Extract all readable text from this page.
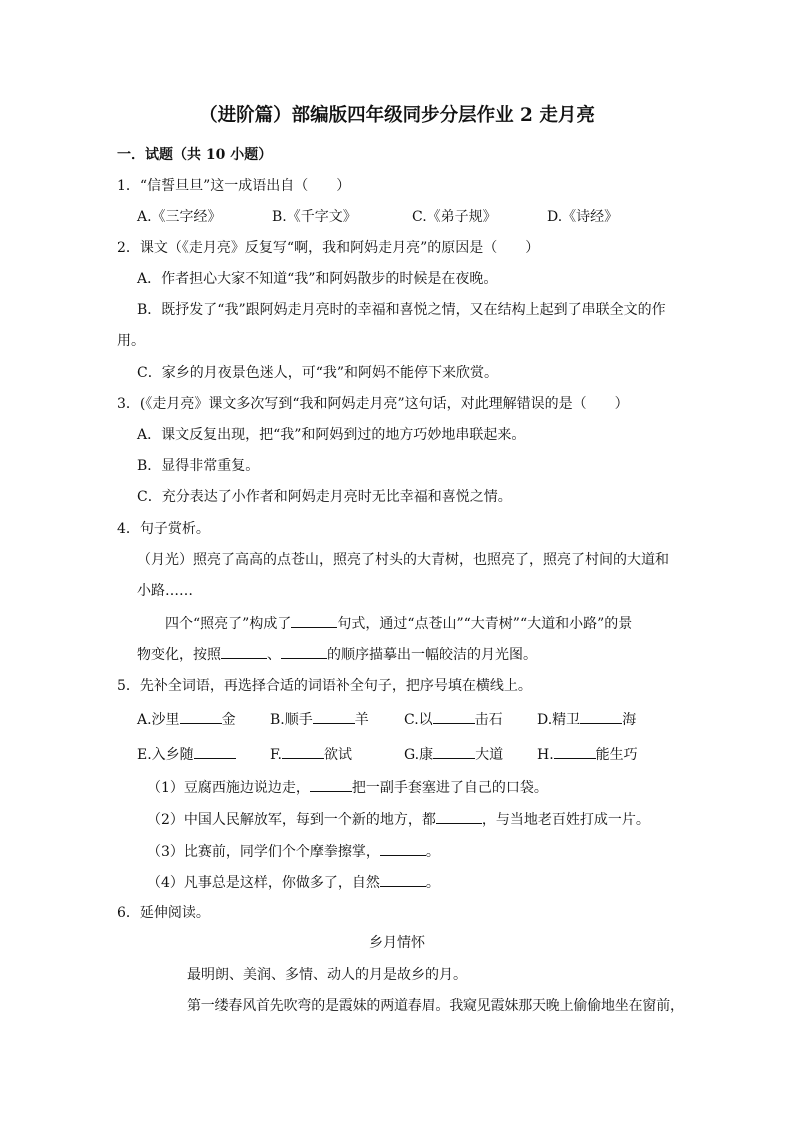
（进阶篇）部编版四年级同步分层作业 2 走月亮
一．试题（共 10 小题）
1．“信誓旦旦”这一成语出自（　　）
A.《三字经》	B.《千字文》	C.《弟子规》	D.《诗经》
2．课文（《走月亮》反复写“啊，我和阿妈走月亮”的原因是（　　）
A．作者担心大家不知道“我”和阿妈散步的时候是在夜晚。
B．既抒发了“我”跟阿妈走月亮时的幸福和喜悦之情，又在结构上起到了串联全文的作
用。
C．家乡的月夜景色迷人，可“我”和阿妈不能停下来欣赏。
3．(《走月亮》课文多次写到“我和阿妈走月亮”这句话，对此理解错误的是（　　）
A．课文反复出现，把“我”和阿妈到过的地方巧妙地串联起来。
B．显得非常重复。
C．充分表达了小作者和阿妈走月亮时无比幸福和喜悦之情。
4．句子赏析。
（月光）照亮了高高的点苍山，照亮了村头的大青树，也照亮了，照亮了村间的大道和
小路……
四个“照亮了”构成了	句式，通过“点苍山”“大青树”“大道和小路”的景
物变化，按照	、	的顺序描摹出一幅皎洁的月光图。
5．先补全词语，再选择合适的词语补全句子，把序号填在横线上。
A.沙里	金 B.顺手	羊	C.以	击石 D.精卫	海
E.入乡随	F.	欲试	G.康	大道 H.	能生巧
（1）豆腐西施边说边走，	把一副手套塞进了自己的口袋。
（2）中国人民解放军，每到一个新的地方，都	，与当地老百姓打成一片。
（3）比赛前，同学们个个摩拳擦掌，	。
（4）凡事总是这样，你做多了，自然	。
6．延伸阅读。
乡月情怀
最明朗、美润、多情、动人的月是故乡的月。
第一缕春风首先吹弯的是霞妹的两道春眉。我窥见霞妹那天晚上偷偷地坐在窗前，
